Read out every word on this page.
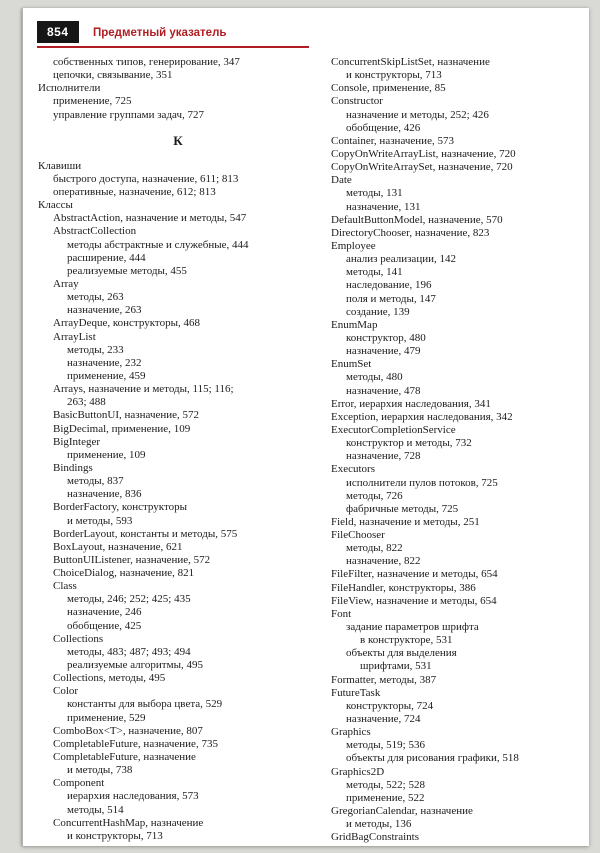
854	Предметный указатель
собственных типов, генерирование, 347
цепочки, связывание, 351
Исполнители
применение, 725
управление группами задач, 727
К
Клавиши
быстрого доступа, назначение, 611; 813
оперативные, назначение, 612; 813
Классы
AbstractAction, назначение и методы, 547
AbstractCollection
методы абстрактные и служебные, 444
расширение, 444
реализуемые методы, 455
Array
методы, 263
назначение, 263
ArrayDeque, конструкторы, 468
ArrayList
методы, 233
назначение, 232
применение, 459
Arrays, назначение и методы, 115; 116;
263; 488
BasicButtonUI, назначение, 572
BigDecimal, применение, 109
BigInteger
применение, 109
Bindings
методы, 837
назначение, 836
BorderFactory, конструкторы
и методы, 593
BorderLayout, константы и методы, 575
BoxLayout, назначение, 621
ButtonUIListener, назначение, 572
ChoiceDialog, назначение, 821
Class
методы, 246; 252; 425; 435
назначение, 246
обобщение, 425
Collections
методы, 483; 487; 493; 494
реализуемые алгоритмы, 495
Collections, методы, 495
Color
константы для выбора цвета, 529
применение, 529
ComboBox<T>, назначение, 807
CompletableFuture, назначение, 735
CompletableFuture, назначение
и методы, 738
Component
иерархия наследования, 573
методы, 514
ConcurrentHashMap, назначение
и конструкторы, 713
ConcurrentSkipListSet, назначение
и конструкторы, 713
Console, применение, 85
Constructor
назначение и методы, 252; 426
обобщение, 426
Container, назначение, 573
CopyOnWriteArrayList, назначение, 720
CopyOnWriteArraySet, назначение, 720
Date
методы, 131
назначение, 131
DefaultButtonModel, назначение, 570
DirectoryChooser, назначение, 823
Employee
анализ реализации, 142
методы, 141
наследование, 196
поля и методы, 147
создание, 139
EnumMap
конструктор, 480
назначение, 479
EnumSet
методы, 480
назначение, 478
Error, иерархия наследования, 341
Exception, иерархия наследования, 342
ExecutorCompletionService
конструктор и методы, 732
назначение, 728
Executors
исполнители пулов потоков, 725
методы, 726
фабричные методы, 725
Field, назначение и методы, 251
FileChooser
методы, 822
назначение, 822
FileFilter, назначение и методы, 654
FileHandler, конструкторы, 386
FileView, назначение и методы, 654
Font
задание параметров шрифта
в конструкторе, 531
объекты для выделения
шрифтами, 531
Formatter, методы, 387
FutureTask
конструкторы, 724
назначение, 724
Graphics
методы, 519; 536
объекты для рисования графики, 518
Graphics2D
методы, 522; 528
применение, 522
GregorianCalendar, назначение
и методы, 136
GridBagConstraints
